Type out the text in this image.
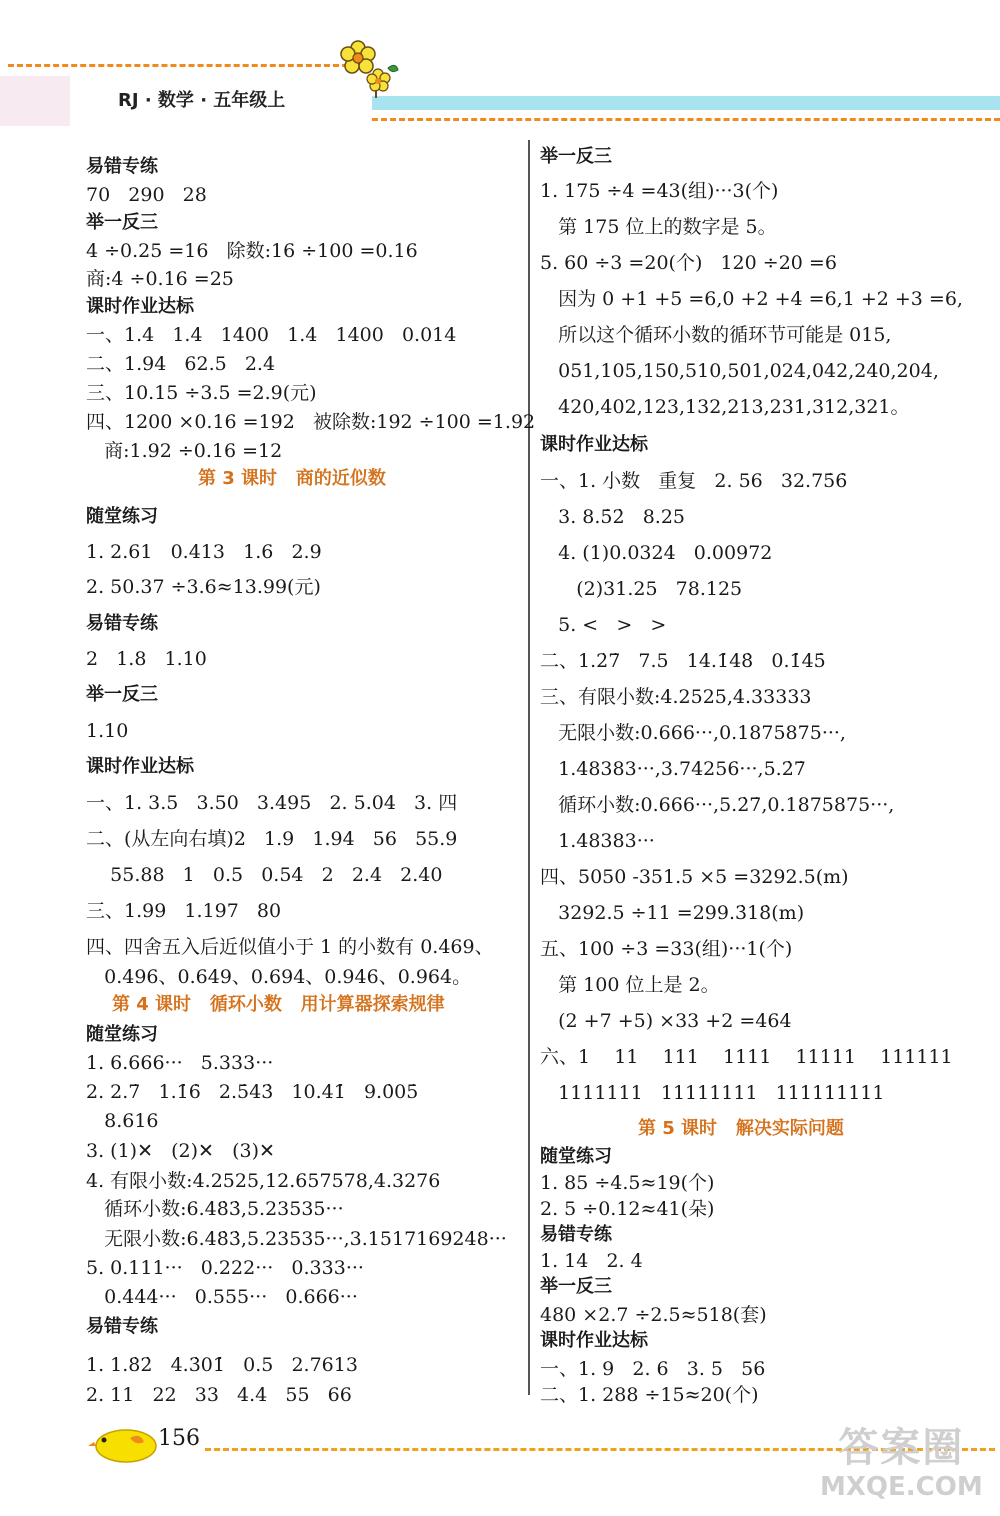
RJ · 数学 · 五年级上
易错专练
70   290   28
举一反三
4 ÷0.25 =16   除数:16 ÷100 =0.16
商:4 ÷0.16 =25
课时作业达标
一、1.4   1.4   1400   1.4   1400   0.014
二、1.94   62.5   2.4
三、10.15 ÷3.5 =2.9(元)
四、1200 ×0.16 =192   被除数:192 ÷100 =1.92
商:1.92 ÷0.16 =12
第 3 课时   商的近似数
随堂练习
1. 2.61   0.413   1.6   2.9
2. 50.37 ÷3.6≈13.99(元)
易错专练
2   1.8   1.10
举一反三
1.10
课时作业达标
一、1. 3.5   3.50   3.495   2. 5.04   3. 四
二、(从左向右填)2   1.9   1.94   56   55.9
55.88   1   0.5   0.54   2   2.4   2.40
三、1.99   1.197   80
四、四舍五入后近似值小于 1 的小数有 0.469、
0.496、0.649、0.694、0.946、0.964。
第 4 课时   循环小数   用计算器探索规律
随堂练习
1. 6.666···   5.333···
2. 2.7̇   1.1̇6̇   2.5̇43̇   10.41̇   9.0̇05̇
8.616
3. (1)✕   (2)✕   (3)✕
4. 有限小数:4.2525,12.657578,4.3276
循环小数:6.48̇3̇,5.23535···
无限小数:6.48̇3̇,5.23535···,3.1517169248···
5. 0.111···   0.222···   0.333···
0.444···   0.555···   0.666···
易错专练
1. 1.8̇2̇   4.3̇01̇   0.5   2.7613
2. 11   22   33   4.4   55   66
举一反三
1. 175 ÷4 =43(组)···3(个)
第 175 位上的数字是 5。
5. 60 ÷3 =20(个)   120 ÷20 =6
因为 0 +1 +5 =6,0 +2 +4 =6,1 +2 +3 =6,
所以这个循环小数的循环节可能是 015,
051,105,150,510,501,024,042,240,204,
420,402,123,132,213,231,312,321。
课时作业达标
一、1. 小数   重复   2. 56   32.75̇6̇
3. 8.5̇2̇   8.25
4. (1)0.0324   0.00972
(2)31.25   78.125
5. <   >   >
二、1.2̇7̇   7.5   14.1̇48̇   0.1̇45̇
三、有限小数:4.2525,4.33333
无限小数:0.666···,0.1875875···,
1.48383···,3.74256···,5.2̇7̇
循环小数:0.666···,5.2̇7̇,0.1875875···,
1.48383···
四、5050 -351.5 ×5 =3292.5(m)
3292.5 ÷11 =299.3̇18̇(m)
五、100 ÷3 =33(组)···1(个)
第 100 位上是 2。
(2 +7 +5) ×33 +2 =464
六、1    11    111    1111    11111    111111
1111111   11111111   111111111
第 5 课时   解决实际问题
随堂练习
1. 85 ÷4.5≈19(个)
2. 5 ÷0.12≈41(朵)
易错专练
1. 14   2. 4
举一反三
480 ×2.7 ÷2.5≈518(套)
课时作业达标
一、1. 9   2. 6   3. 5   56
二、1. 288 ÷15≈20(个)
156	答案圈
MXQE.COM
